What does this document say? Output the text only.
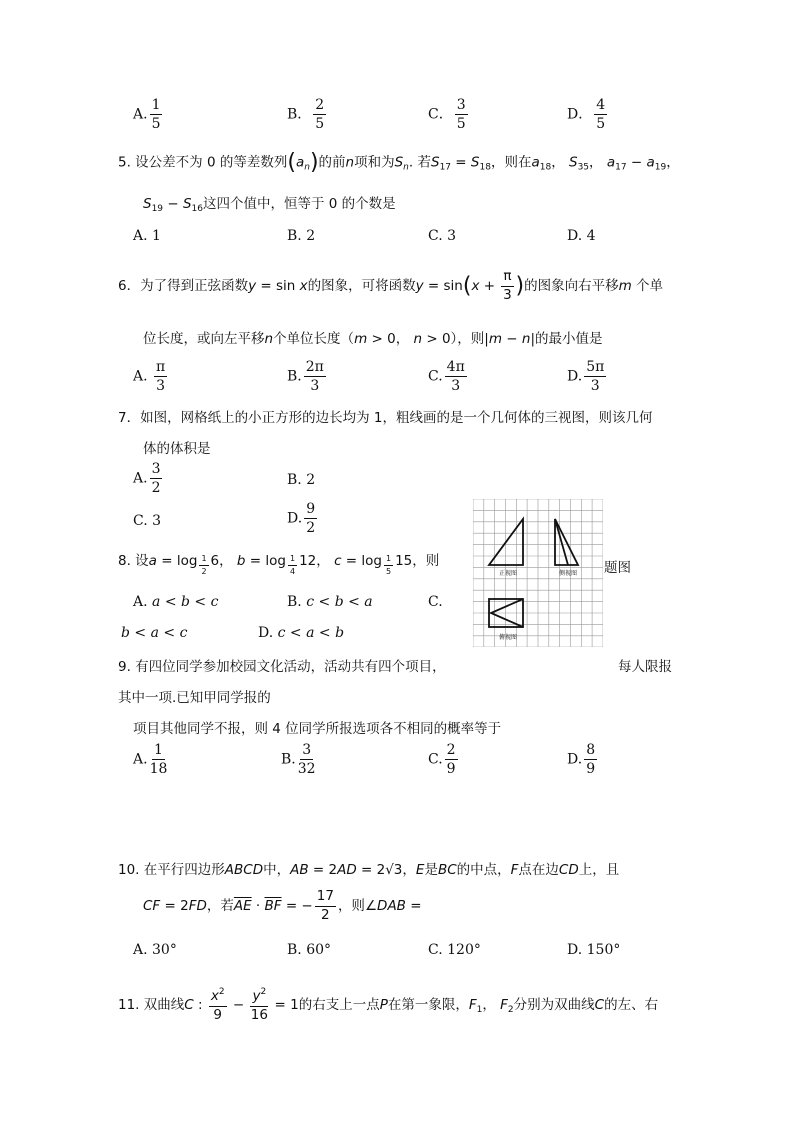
A. $\frac{1}{5}$	B． $\frac{2}{5}$	C． $\frac{3}{5}$	D． $\frac{4}{5}$
5. 设公差不为 0 的等差数列$(a_n)$的前n项和为$S_n$. 若$S_{17} = S_{18}$，则在$a_{18}$， $S_{35}$， $a_{17} - a_{19}$，
$S_{19} - S_{16}$这四个值中，恒等于 0 的个数是
A. 1	B. 2	C. 3	D. 4
6．为了得到正弦函数y = sin x的图象，可将函数$y = \sin(x + \frac{\pi}{3}$ )的图象向右平移m 个单
位长度，或向左平移n个单位长度（m > 0， n > 0），则|m − n|的最小值是
A. $\frac{\pi}{3}$	B. $\frac{2\pi}{3}$	C. $\frac{4\pi}{3}$	D. $\frac{5\pi}{3}$
7．如图，网格纸上的小正方形的边长均为 1，粗线画的是一个几何体的三视图，则该几何
体的体积是
A. $\frac{3}{2}$	B. 2
C. 3	D. $\frac{9}{2}$
正视图	侧视图
俯视图
题图
8. 设a = log $_{\frac{1}{2}}$ 6， b = log $_{\frac{1}{4}}$ 12， c = log $_{\frac{1}{5}}$ 15，则
A. a < b < c	B. c < b < a	C.
b < a < c	D. c < a < b
9. 有四位同学参加校园文化活动，活动共有四个项目，	每人限报
其中一项.已知甲同学报的
项目其他同学不报，则 4 位同学所报选项各不相同的概率等于
A. $\frac{1}{18}$	B. $\frac{3}{32}$	C. $\frac{2}{9}$	D. $\frac{8}{9}$
10. 在平行四边形ABCD中，AB = 2AD = 2√3，E是BC的中点，F点在边CD上，且
CF = 2FD，若$\overline{AE} \cdot \overline{BF}$ = − $\frac{17}{2}$ ，则∠DAB =
A. 30°	B. 60°	C. 120°	D. 150°
11. 双曲线C : $\frac{x^2}{9} - \frac{y^2}{16} = 1$的右支上一点P在第一象限，$F_1$， $F_2$分别为双曲线C的左、右
